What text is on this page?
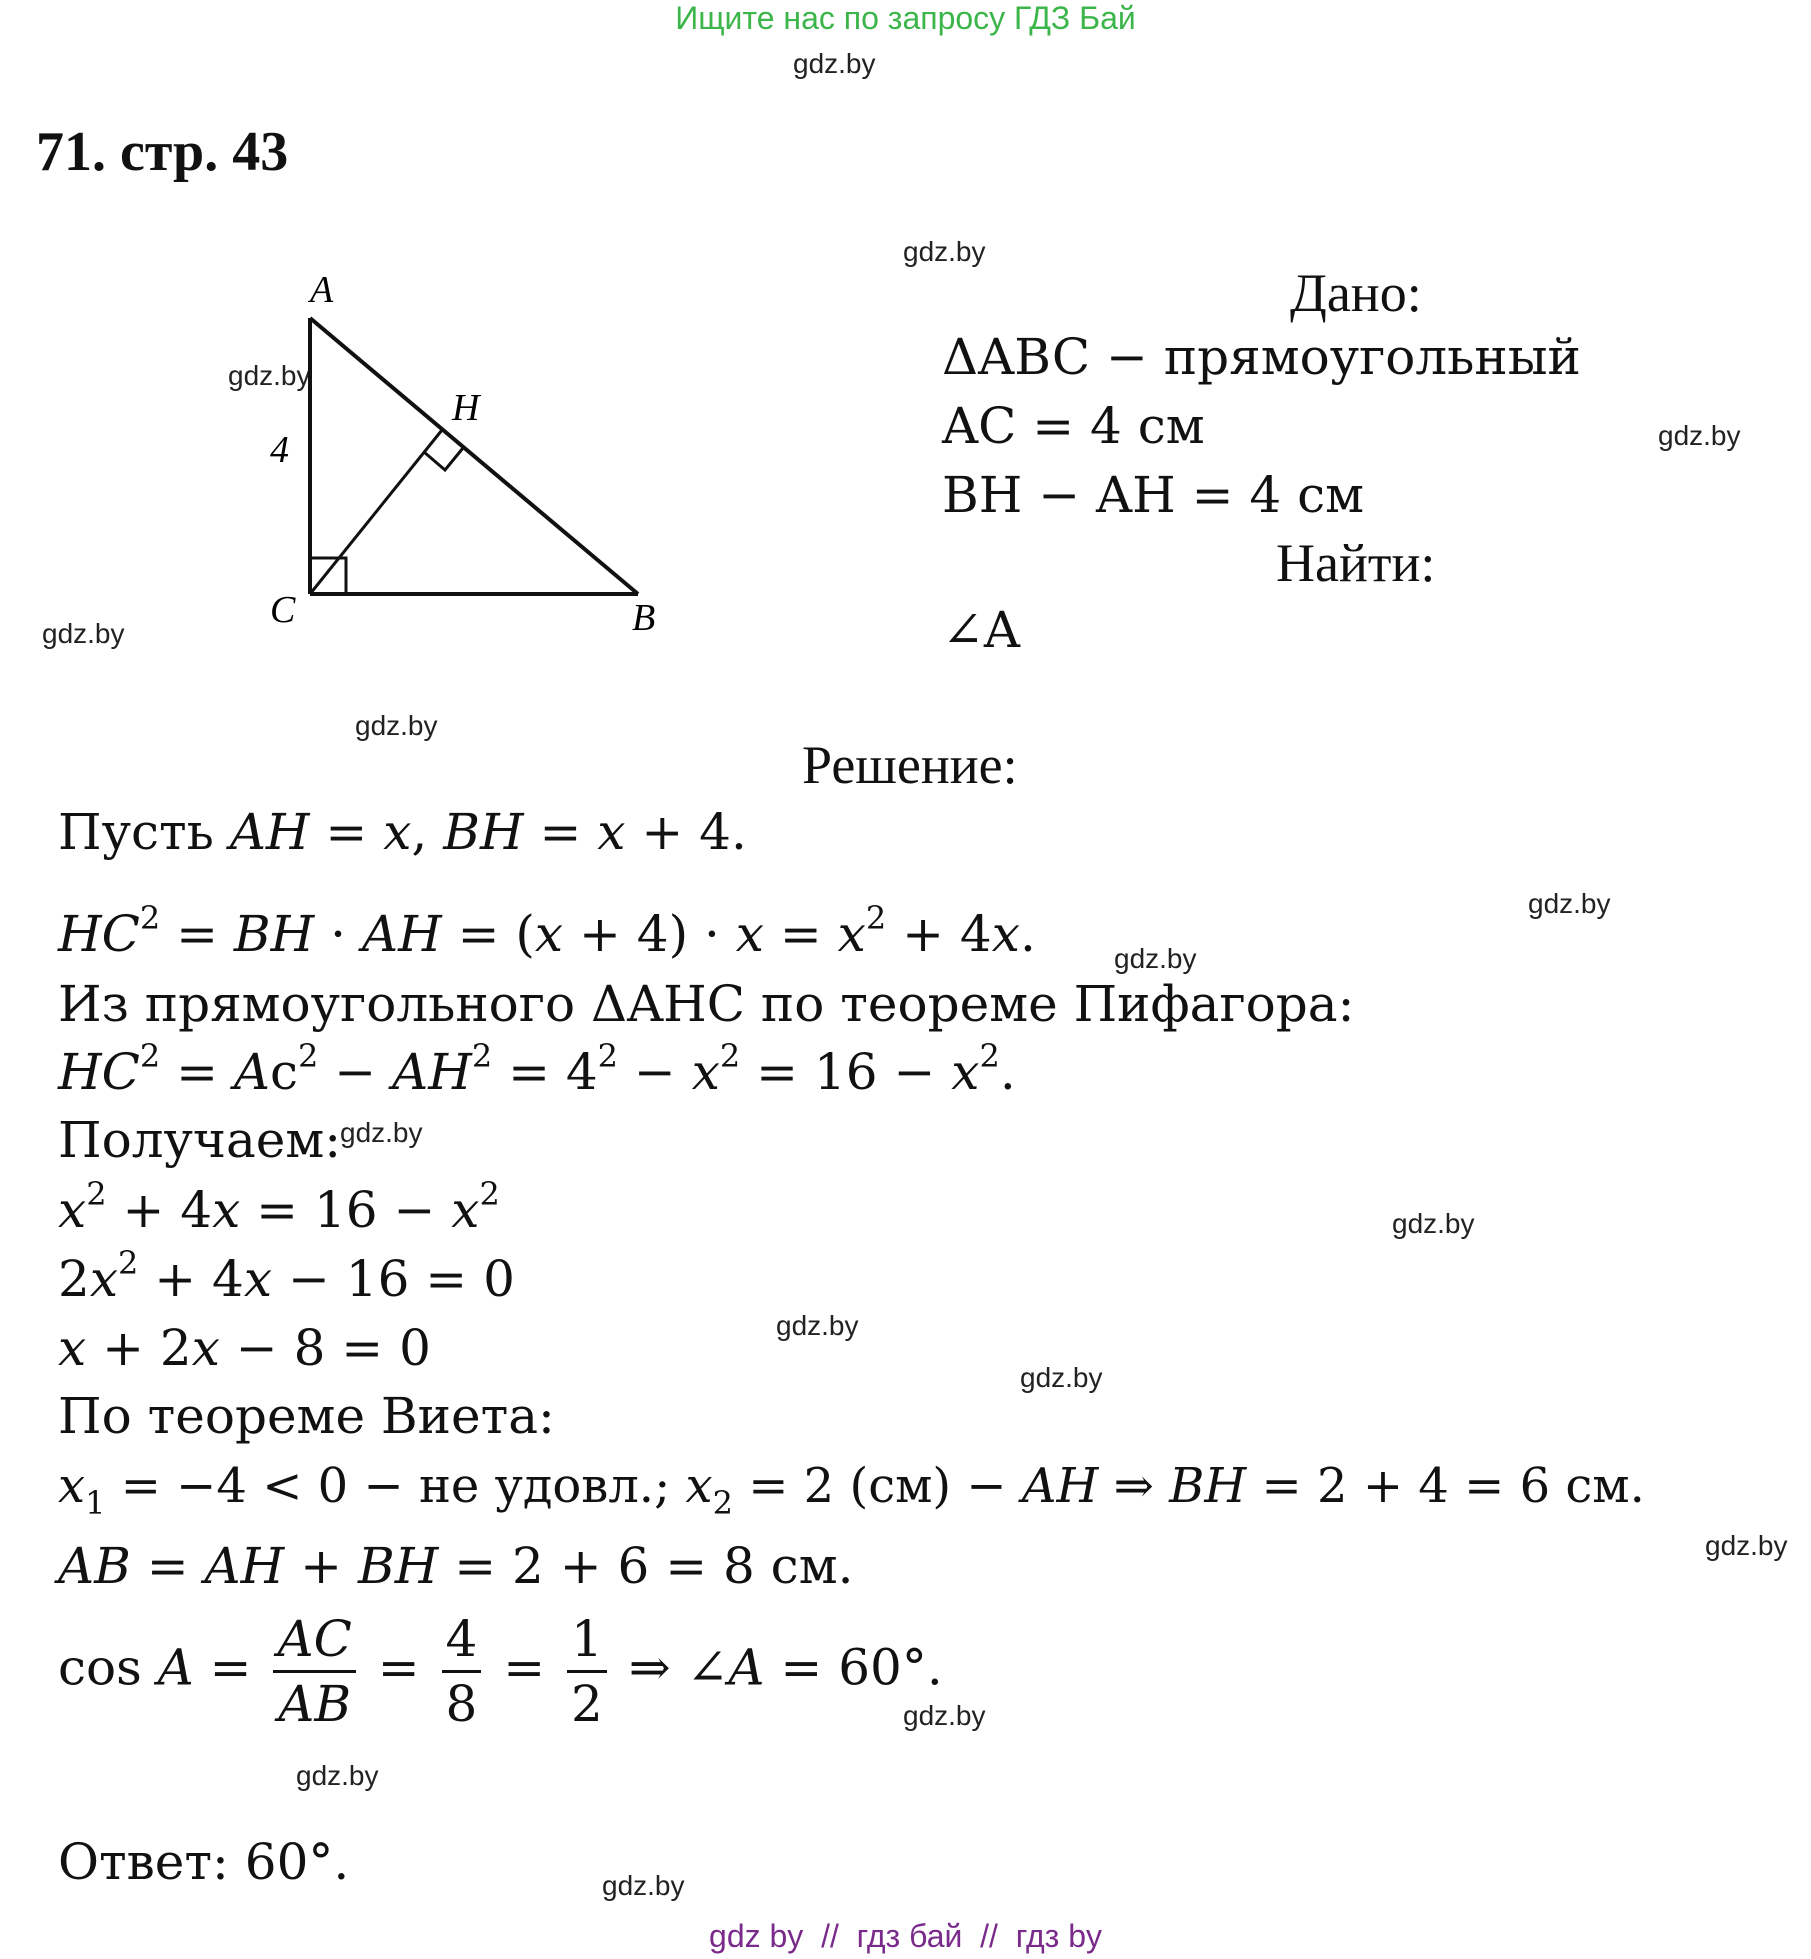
Ищите нас по запросу ГДЗ Бай
gdz.by
gdz.by
gdz.by
gdz.by
gdz.by
gdz.by
gdz.by
gdz.by
gdz.by
gdz.by
gdz.by
gdz.by
gdz.by
gdz.by
gdz.by
gdz.by
71. стр. 43
A
H
C	B
4
Дано:
ΔABC − прямоугольный
AC = 4 см
BH − AH = 4 см
Найти:
∠A
Решение:
Пусть AH = x, BH = x + 4.
$HC^2$ = BH · AH = $(x + 4) \cdot x = x^2 + 4x$.
Из прямоугольного ΔAHC по теореме Пифагора:
$HC^2 = Ac^2 - AH^2 = 4^2 - x^2 = 16 - x^2$.
Получаем:
$x^2 + 4x = 16 - x^2$
$2x^2 + 4x - 16 = 0$
x + 2x − 8 = 0
По теореме Виета:
$x_1 = -4 < 0$ − не удовл.; $x_2 = 2$ (см) − AH ⇒ BH = 2 + 4 = 6 см.
AB = AH + BH = 2 + 6 = 8 см.
$\cos A = \frac{AC}{AB} = \frac{4}{8} = \frac{1}{2}$ ⇒ ∠A = 60°.
Ответ: 60°.
gdz by  //  гдз бай  //  гдз by
